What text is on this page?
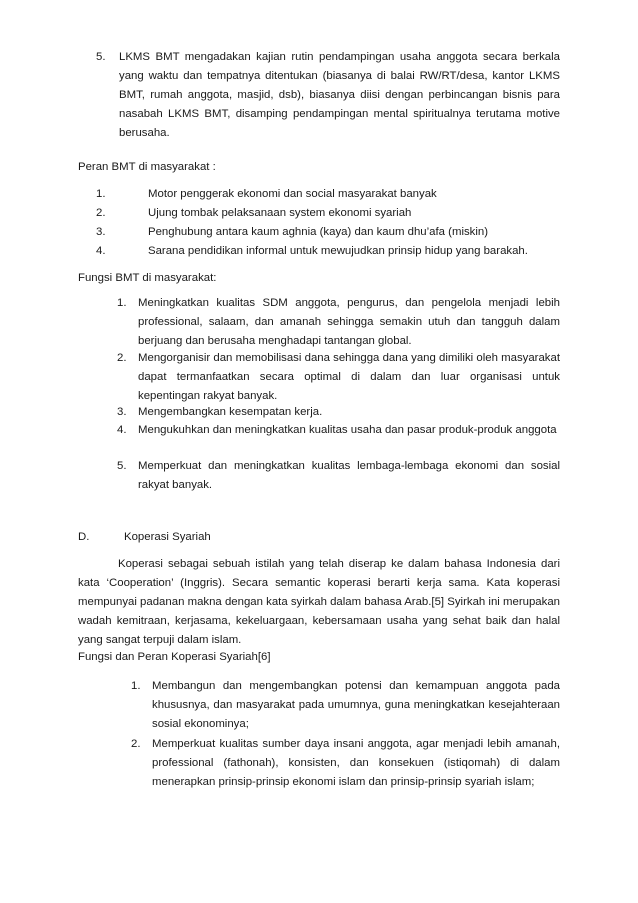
5. LKMS BMT mengadakan kajian rutin pendampingan usaha anggota secara berkala yang waktu dan tempatnya ditentukan (biasanya di balai RW/RT/desa, kantor LKMS BMT, rumah anggota, masjid, dsb), biasanya diisi dengan perbincangan bisnis para nasabah LKMS BMT, disamping pendampingan mental spiritualnya terutama motive berusaha.
Peran BMT di masyarakat :
1.	Motor penggerak ekonomi dan social masyarakat banyak
2.	Ujung tombak pelaksanaan system ekonomi syariah
3.	Penghubung antara kaum aghnia (kaya) dan kaum dhu’afa (miskin)
4.	Sarana pendidikan informal untuk mewujudkan prinsip hidup yang barakah.
Fungsi BMT di masyarakat:
1. Meningkatkan kualitas SDM anggota, pengurus, dan pengelola menjadi lebih professional, salaam, dan amanah sehingga semakin utuh dan tangguh dalam berjuang dan berusaha menghadapi tantangan global.
2. Mengorganisir dan memobilisasi dana sehingga dana yang dimiliki oleh masyarakat dapat termanfaatkan secara optimal di dalam dan luar organisasi untuk kepentingan rakyat banyak.
3. Mengembangkan kesempatan kerja.
4. Mengukuhkan dan meningkatkan kualitas usaha dan pasar produk-produk anggota
5. Memperkuat dan meningkatkan kualitas lembaga-lembaga ekonomi dan sosial rakyat banyak.
D.	Koperasi Syariah
Koperasi sebagai sebuah istilah yang telah diserap ke dalam bahasa Indonesia dari kata ‘Cooperation’ (Inggris). Secara semantic koperasi berarti kerja sama. Kata koperasi mempunyai padanan makna dengan kata syirkah dalam bahasa Arab.[5] Syirkah ini merupakan wadah kemitraan, kerjasama, kekeluargaan, kebersamaan usaha yang sehat baik dan halal yang sangat terpuji dalam islam.
Fungsi dan Peran Koperasi Syariah[6]
1. Membangun dan mengembangkan potensi dan kemampuan anggota pada khususnya, dan masyarakat pada umumnya, guna meningkatkan kesejahteraan sosial ekonominya;
2. Memperkuat kualitas sumber daya insani anggota, agar menjadi lebih amanah, professional (fathonah), konsisten, dan konsekuen (istiqomah) di dalam menerapkan prinsip-prinsip ekonomi islam dan prinsip-prinsip syariah islam;
